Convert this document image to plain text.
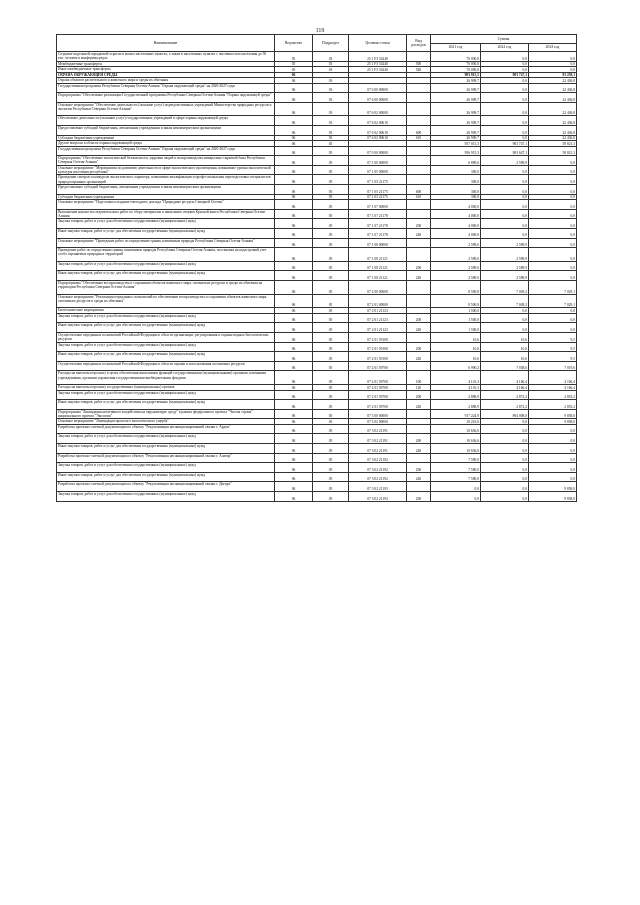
119
Наименование	Ведомство	Подраздел	Целевая статья	Вид расходов	Суммы		
					2021 год	2022 год	2023 год
Создание модельной порядковой отрасли в малых населенных пунктах, а также в населенных пунктах с численностью населения до 50 тыс. человек в конференцсредах	05	03	25 1 F3 54240		70 000,0	0,0	0,0
Межбюджетные трансферты	05	03	25 1 F3 54240	500	70 000,0	0,0	0,0
Иные межбюджетные трансферты	05	03	25 1 F3 54240	540	70 000,0	0,0	0,0
ОХРАНА ОКРУЖАЮЩЕЙ СРЕДЫ	06				983 915,5	903 747,1	81 258,1
Охрана объектов растительного и животного мира и среды их обитания	06	03			26 909,7	0,0	22 436,8
Государственная программа Республики Северная Осетия-Алания "Охрана окружающей среды" на 2020-2027 годы	06	03	07 0 00 00000		26 909,7	0,0	22 436,8
Подпрограмма "Обеспечение реализации Государственной программы Республики Северная Осетия-Алания "Охрана окружающей среды"	06	03	07 6 00 00000		26 909,7	0,0	22 436,8
Основное мероприятие "Обеспечение деятельности (оказание услуг) подведомственных учреждений Министерства природных ресурсов и экологии Республики Северная Осетия-Алания"	06	03	07 6 02 00000		26 909,7	0,0	22 436,8
Обеспечение деятельности (оказание услуг) государственных учреждений в сфере охраны окружающей среды	06	03	07 6 02 00610		26 909,7	0,0	22 436,8
Предоставление субсидий бюджетным, автономным учреждениям и иным некоммерческим организациям	06	03	07 6 02 00610	600	26 909,7	0,0	22 436,8
Субсидии бюджетным учреждениям	06	03	07 6 02 00610	610	26 909,7	0,0	22 436,8
Другие вопросы в области охраны окружающей среды	06	05			957 015,5	903 747,1	58 821,3
Государственная программа Республики Северная Осетия-Алания "Охрана окружающей среды" на 2020-2027 годы	06	05	07 0 00 00000		956 915,5	903 647,1	58 821,3
Подпрограмма "Обеспечение экологической безопасности, здоровья людей и воспроизводства минерально-сырьевой базы Республики Северная Осетия-Алания"	06	05	07 1 00 00000		6 889,6	2 589,9	0,0
Основное мероприятие "Мероприятия по развитию деятельности в сфере экологического просвещения, повышение уровня экологической культуры населения республики"	06	05	07 1 05 00000		300,0	0,0	0,0
Проведение смотров и конкурсов экологического характера, повышение квалификации и профессиональная переподготовка специалистов природоохранных организаций	06	05	07 1 05 21175		300,0	0,0	0,0
Предоставление субсидий бюджетным, автономным учреждениям и иным некоммерческим организациям	06	05	07 1 05 21175	600	300,0	0,0	0,0
Субсидии бюджетным учреждениям	06	05	07 1 05 21175	610	300,0	0,0	0,0
Основное мероприятие "Подготовка и издание ежегодного доклада "Природные ресурсы Северной Осетии"	06	05	07 1 07 00000		4 000,0	0,0	0,0
Выполнение научно-исследовательских работ по сбору материалов и написанию очерков Красной книги Республики Северная Осетия-Алания	06	05	07 1 07 21178		4 000,0	0,0	0,0
Закупка товаров, работ и услуг для обеспечения государственных (муниципальных) нужд	06	05	07 1 07 21178	200	4 000,0	0,0	0,0
Иные закупки товаров, работ и услуг для обеспечения государственных (муниципальных) нужд	06	05	07 1 07 21178	240	4 000,0	0,0	0,0
Основное мероприятие "Проведение работ по определению границ памятников природы Республики Северная Осетия-Алания"	06	05	07 1 08 00000		2 589,6	2 589,9	0,0
Проведение работ по определению границ памятников природы Республики Северная Осетия-Алания, постановка на кадастровый учет особо охраняемых природных территорий	06	05	07 1 08 21121		2 589,6	2 589,9	0,0
Закупка товаров, работ и услуг для обеспечения государственных (муниципальных) нужд	06	05	07 1 08 21121	200	2 589,6	2 589,9	0,0
Иные закупки товаров, работ и услуг для обеспечения государственных (муниципальных) нужд	06	05	07 1 08 21121	240	2 589,6	2 589,9	0,0
Подпрограмма "Обеспечение воспроизводства и сохранения объектов животного мира, охотничьих ресурсов и среды их обитания на территории Республики Северная Осетия-Алания"	06	05	07 2 00 00000		8 500,8	7 049,2	7 029,1
Основное мероприятие "Реализация переданных полномочий по обеспечению воспроизводства и сохранения объектов животного мира, охотничьих ресурсов и среды их обитания"	06	05	07 2 01 00000		8 500,8	7 049,2	7 029,1
Биотехнические мероприятия	06	05	07 2 01 21123		1 500,0	0,0	0,0
Закупка товаров, работ и услуг для обеспечения государственных (муниципальных) нужд	06	05	07 2 01 21123	200	1 500,0	0,0	0,0
Иные закупки товаров, работ и услуг для обеспечения государственных (муниципальных) нужд	06	05	07 2 01 21123	240	1 500,0	0,0	0,0
Осуществление переданных полномочий Российской Федерации в области организации, регулирования и охраны водных биологических ресурсов	06	05	07 2 01 59100		10,6	10,6	9,5
Закупка товаров, работ и услуг для обеспечения государственных (муниципальных) нужд	06	05	07 2 01 59100	200	10,6	10,6	9,5
Иные закупки товаров, работ и услуг для обеспечения государственных (муниципальных) нужд	06	05	07 2 01 59100	240	10,6	10,6	9,5
Осуществление переданных полномочий Российской Федерации в области охраны и использования охотничьих ресурсов	06	05	07 2 01 59700		6 990,2	7 038,6	7 019,6
Расходы на выплаты персоналу в целях обеспечения выполнения функций государственными (муниципальными) органами, казенными учреждениями, органами управления государственными внебюджетными фондами	06	05	07 2 01 59700	100	4 101,3	4 166,4	4 166,4
Расходы на выплаты персоналу государственных (муниципальных) органов	06	05	07 2 01 59700	120	4 101,3	4 166,4	4 166,4
Закупка товаров, работ и услуг для обеспечения государственных (муниципальных) нужд	06	05	07 2 01 59700	200	2 888,9	2 872,2	2 853,2
Иные закупки товаров, работ и услуг для обеспечения государственных (муниципальных) нужд	06	05	07 2 01 59700	240	2 888,9	2 872,2	2 853,2
Подпрограмма "Ликвидация негативного воздействия на окружающую среду" в рамках федерального проекта "Чистая страна" национального проекта "Экология"	06	05	07 3 00 00000		917 224,9	894 008,0	9 858,0
Основное мероприятие "Ликвидация прошлого экологического ущерба"	06	05	07 3 02 00000		18 216,6	0,0	9 858,0
Разработка проектно-сметной документации по объекту "Рекультивация несанкционированной свалки г. Ардон"	06	05	07 3 02 21191		10 636,6	0,0	0,0
Закупка товаров, работ и услуг для обеспечения государственных (муниципальных) нужд	06	05	07 3 02 21191	200	10 636,6	0,0	0,0
Иные закупки товаров, работ и услуг для обеспечения государственных (муниципальных) нужд	06	05	07 3 02 21191	240	10 636,6	0,0	0,0
Разработка проектно-сметной документации по объекту "Рекультивация несанкционированной свалки г. Алагир"	06	05	07 3 02 21192		7 580,0	0,0	0,0
Закупка товаров, работ и услуг для обеспечения государственных (муниципальных) нужд	06	05	07 3 02 21192	200	7 580,0	0,0	0,0
Иные закупки товаров, работ и услуг для обеспечения государственных (муниципальных) нужд	06	05	07 3 02 21192	240	7 580,0	0,0	0,0
Разработка проектно-сметной документации по объекту "Рекультивация несанкционированной свалки г. Дигора"	06	05	07 3 02 21193		0,0	0,0	9 858,0
Закупка товаров, работ и услуг для обеспечения государственных (муниципальных) нужд	06	05	07 3 02 21193	200	0,0	0,0	9 858,0
